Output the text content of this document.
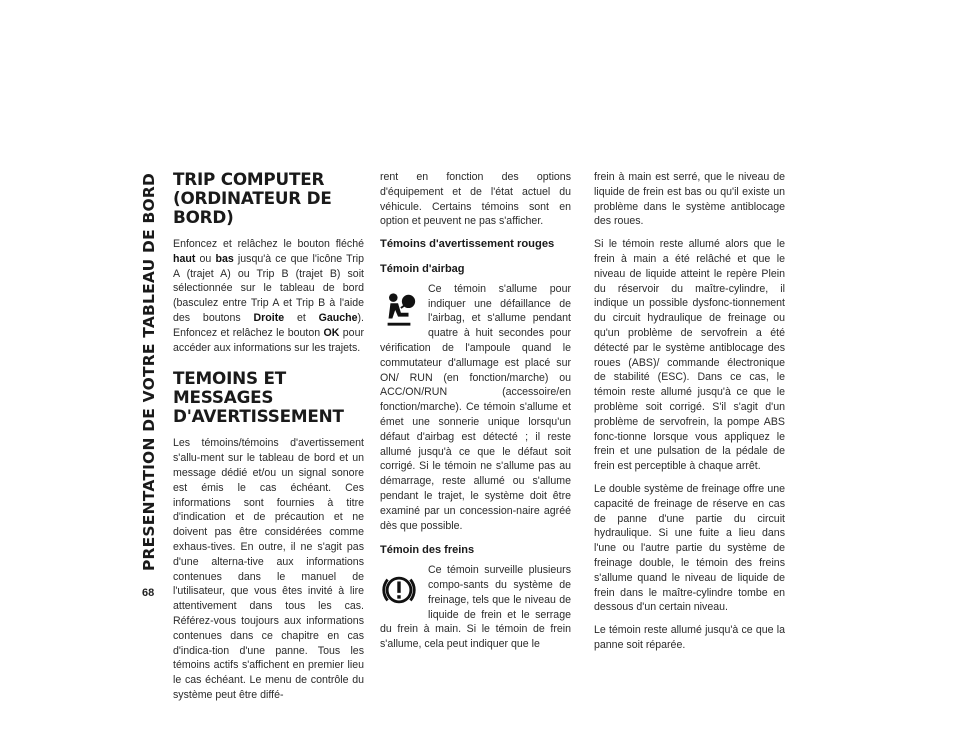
PRESENTATION DE VOTRE TABLEAU DE BORD
68
TRIP COMPUTER (ORDINATEUR DE BORD)

Enfoncez et relâchez le bouton fléché haut ou bas jusqu'à ce que l'icône Trip A (trajet A) ou Trip B (trajet B) soit sélectionnée sur le tableau de bord (basculez entre Trip A et Trip B à l'aide des boutons Droite et Gauche). Enfoncez et relâchez le bouton OK pour accéder aux informations sur les trajets.

TEMOINS ET MESSAGES D'AVERTISSEMENT

Les témoins/témoins d'avertissement s'allu-ment sur le tableau de bord et un message dédié et/ou un signal sonore est émis le cas échéant. Ces informations sont fournies à titre d'indication et de précaution et ne doivent pas être considérées comme exhaus-tives. En outre, il ne s'agit pas d'une alterna-tive aux informations contenues dans le manuel de l'utilisateur, que vous êtes invité à lire attentivement dans tous les cas. Référez-vous toujours aux informations contenues dans ce chapitre en cas d'indica-tion d'une panne. Tous les témoins actifs s'affichent en premier lieu le cas échéant. Le menu de contrôle du système peut être diffé-

rent en fonction des options d'équipement et de l'état actuel du véhicule. Certains témoins sont en option et peuvent ne pas s'afficher.

Témoins d'avertissement rouges
Témoin d'airbag

Ce témoin s'allume pour indiquer une défaillance de l'airbag, et s'allume pendant quatre à huit secondes pour vérification de l'ampoule quand le commutateur d'allumage est placé sur ON/ RUN (en fonction/marche) ou ACC/ON/RUN (accessoire/en fonction/marche). Ce témoin s'allume et émet une sonnerie unique lorsqu'un défaut d'airbag est détecté ; il reste allumé jusqu'à ce que le défaut soit corrigé. Si le témoin ne s'allume pas au démarrage, reste allumé ou s'allume pendant le trajet, le système doit être examiné par un concession-naire agréé dès que possible.

Témoin des freins

Ce témoin surveille plusieurs compo-sants du système de freinage, tels que le niveau de liquide de frein et le serrage du frein à main. Si le témoin de frein s'allume, cela peut indiquer que le

frein à main est serré, que le niveau de liquide de frein est bas ou qu'il existe un problème dans le système antiblocage des roues.

Si le témoin reste allumé alors que le frein à main a été relâché et que le niveau de liquide atteint le repère Plein du réservoir du maître-cylindre, il indique un possible dysfonc-tionnement du circuit hydraulique de freinage ou qu'un problème de servofrein a été détecté par le système antiblocage des roues (ABS)/ commande électronique de stabilité (ESC). Dans ce cas, le témoin reste allumé jusqu'à ce que le problème soit corrigé. S'il s'agit d'un problème de servofrein, la pompe ABS fonc-tionne lorsque vous appliquez le frein et une pulsation de la pédale de frein est perceptible à chaque arrêt.

Le double système de freinage offre une capacité de freinage de réserve en cas de panne d'une partie du circuit hydraulique. Si une fuite a lieu dans l'une ou l'autre partie du système de freinage double, le témoin des freins s'allume quand le niveau de liquide de frein dans le maître-cylindre tombe en dessous d'un certain niveau.

Le témoin reste allumé jusqu'à ce que la panne soit réparée.
